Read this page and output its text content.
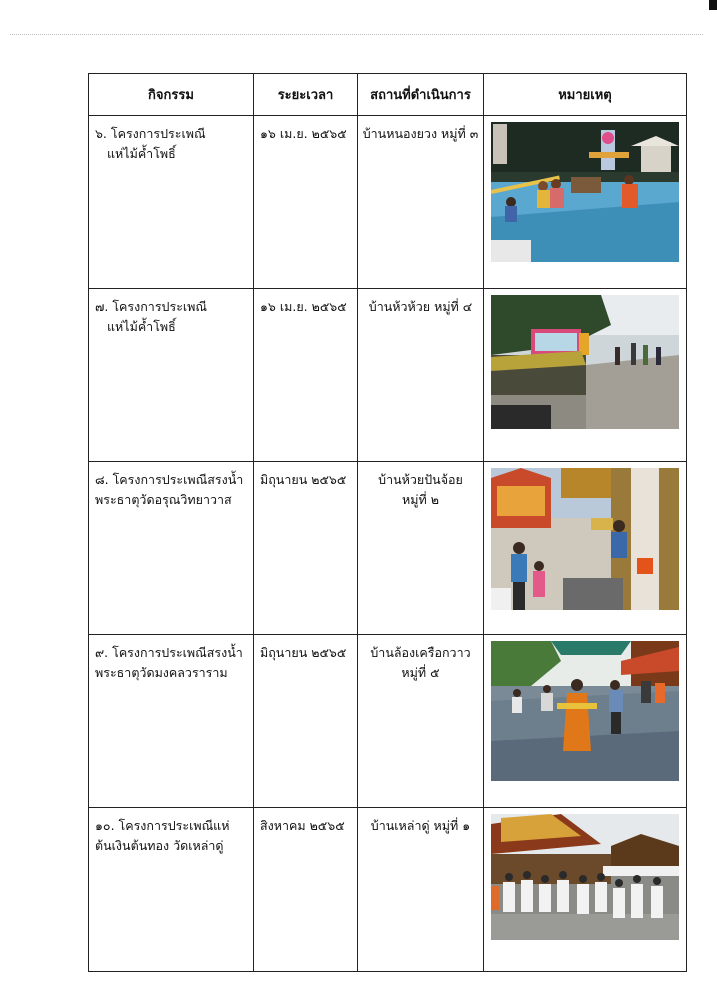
กิจกรรม	ระยะเวลา	สถานที่ดำเนินการ	หมายเหตุ

๖. โครงการประเพณี
แห่ไม้ค้ำโพธิ์	๑๖ เม.ย. ๒๕๖๕	บ้านหนองยวง หมู่ที่ ๓	

๗. โครงการประเพณี
แห่ไม้ค้ำโพธิ์	๑๖ เม.ย. ๒๕๖๕	บ้านห้วห้วย หมู่ที่ ๔	

๘. โครงการประเพณีสรงน้ำ
พระธาตุวัดอรุณวิทยาวาส	มิถุนายน ๒๕๖๕	บ้านห้วยปันจ้อย
หมู่ที่ ๒	

๙. โครงการประเพณีสรงน้ำ
พระธาตุวัดมงคลวราราม	มิถุนายน ๒๕๖๕	บ้านล้องเครือกวาว
หมู่ที่ ๕	

๑๐. โครงการประเพณีแห่
ต้นเงินต้นทอง วัดเหล่าดู่	สิงหาคม ๒๕๖๕	บ้านเหล่าดู่ หมู่ที่ ๑	
